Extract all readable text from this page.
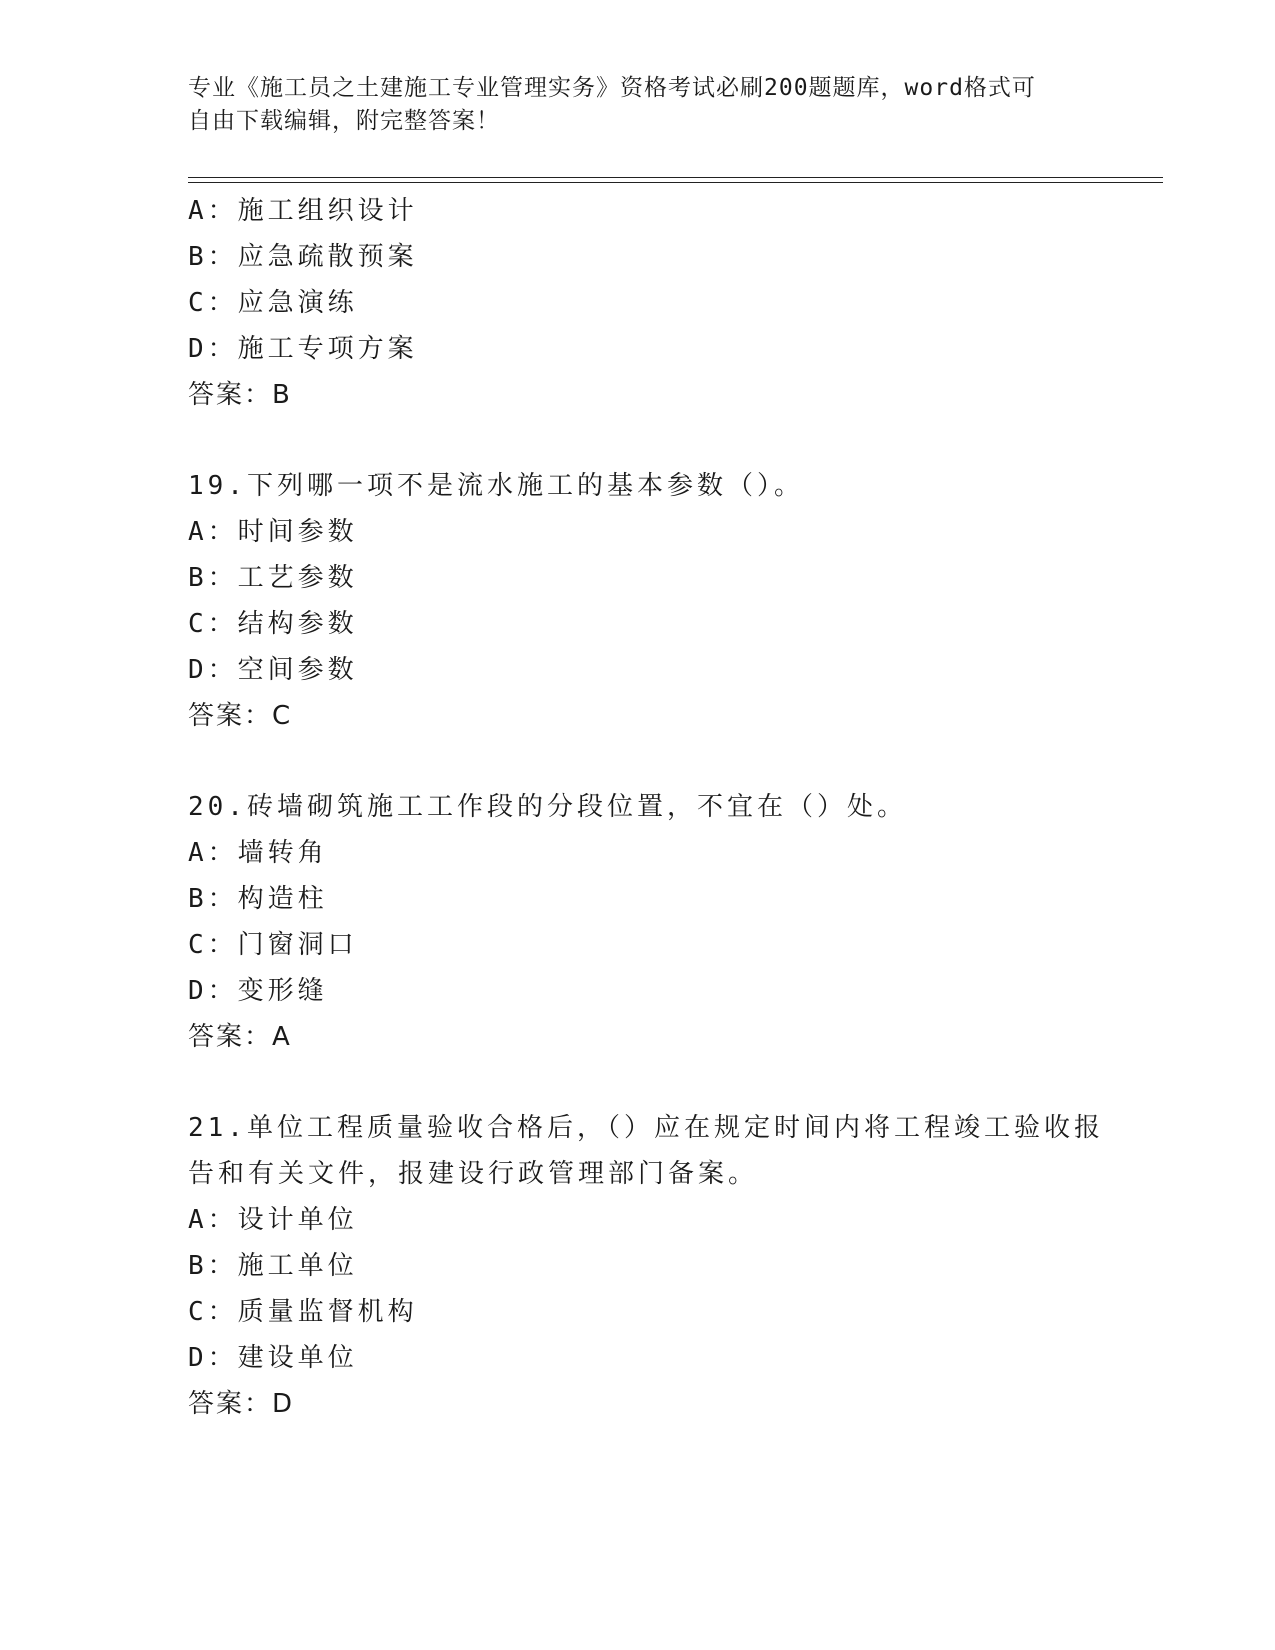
专业《施工员之土建施工专业管理实务》资格考试必刷200题题库，word格式可
自由下载编辑，附完整答案！
A：施工组织设计
B：应急疏散预案
C：应急演练
D：施工专项方案
答案：B
19.下列哪一项不是流水施工的基本参数（）。
A：时间参数
B：工艺参数
C：结构参数
D：空间参数
答案：C
20.砖墙砌筑施工工作段的分段位置，不宜在（）处。
A：墙转角
B：构造柱
C：门窗洞口
D：变形缝
答案：A
21.单位工程质量验收合格后，（）应在规定时间内将工程竣工验收报
告和有关文件，报建设行政管理部门备案。
A：设计单位
B：施工单位
C：质量监督机构
D：建设单位
答案：D
